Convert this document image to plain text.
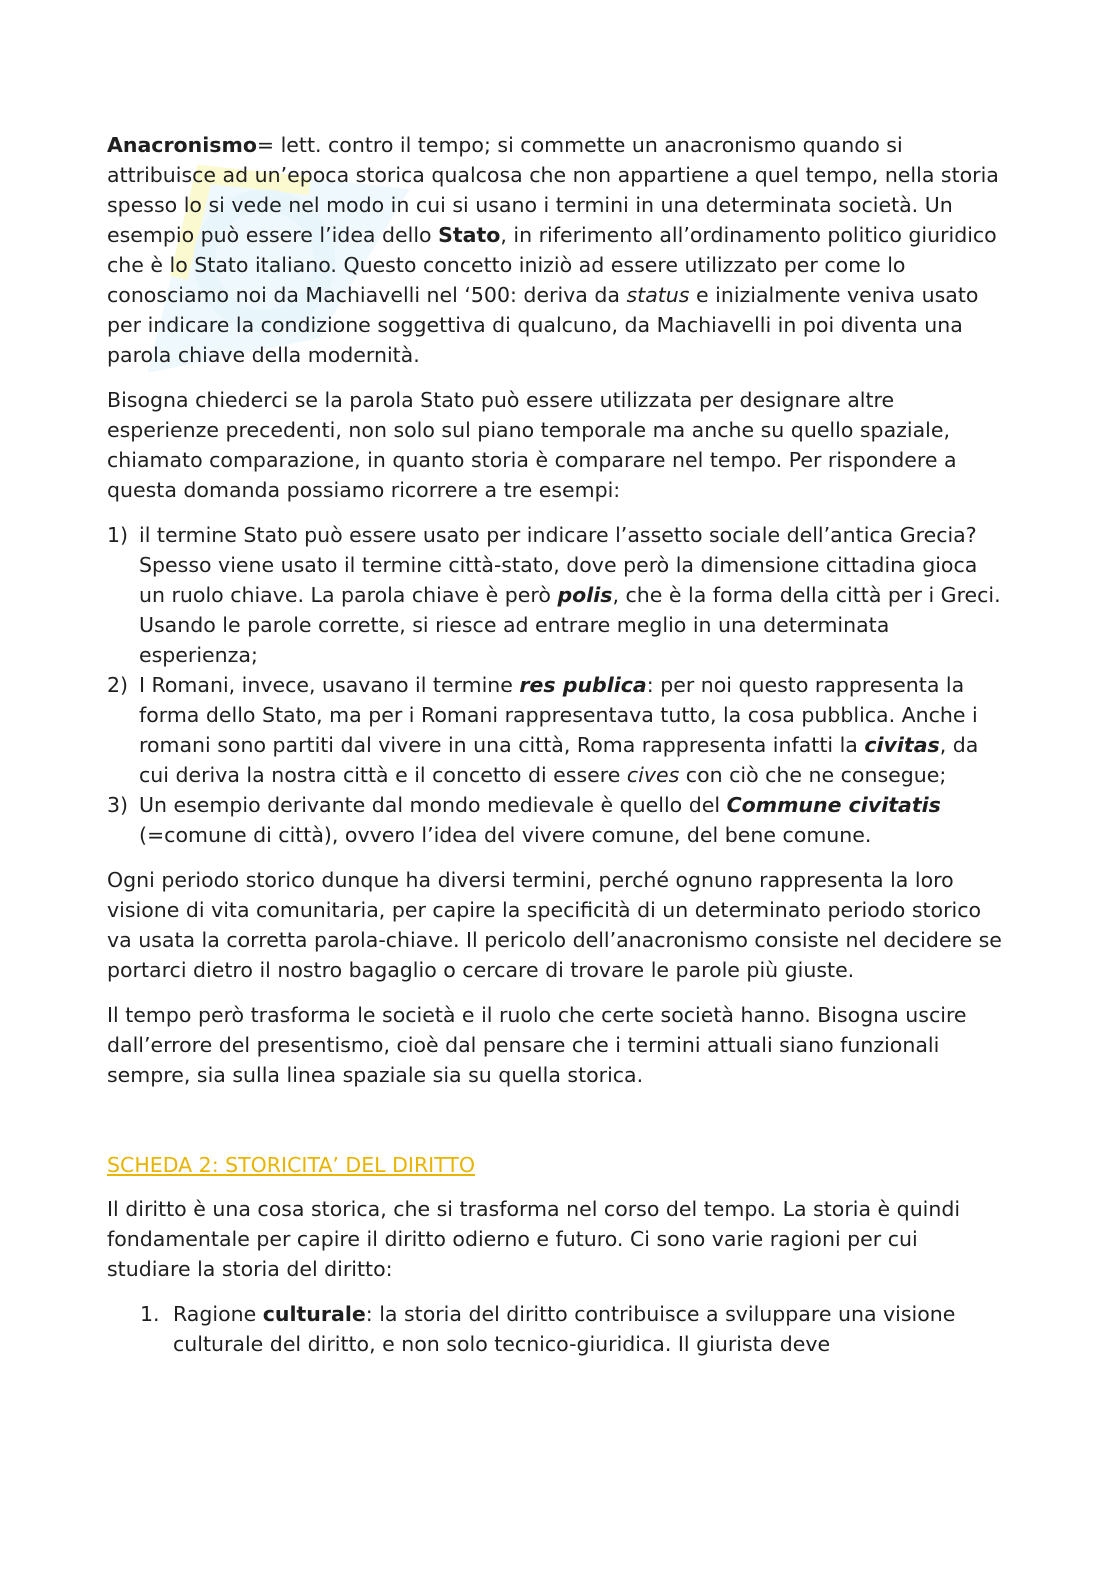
Anacronismo= lett. contro il tempo; si commette un anacronismo quando si attribuisce ad un’epoca storica qualcosa che non appartiene a quel tempo, nella storia spesso lo si vede nel modo in cui si usano i termini in una determinata società. Un esempio può essere l’idea dello Stato, in riferimento all’ordinamento politico giuridico che è lo Stato italiano. Questo concetto iniziò ad essere utilizzato per come lo conosciamo noi da Machiavelli nel ‘500: deriva da status e inizialmente veniva usato per indicare la condizione soggettiva di qualcuno, da Machiavelli in poi diventa una parola chiave della modernità.

Bisogna chiederci se la parola Stato può essere utilizzata per designare altre esperienze precedenti, non solo sul piano temporale ma anche su quello spaziale, chiamato comparazione, in quanto storia è comparare nel tempo. Per rispondere a questa domanda possiamo ricorrere a tre esempi:

1) il termine Stato può essere usato per indicare l’assetto sociale dell’antica Grecia? Spesso viene usato il termine città-stato, dove però la dimensione cittadina gioca un ruolo chiave. La parola chiave è però polis, che è la forma della città per i Greci. Usando le parole corrette, si riesce ad entrare meglio in una determinata esperienza;
2) I Romani, invece, usavano il termine res publica: per noi questo rappresenta la forma dello Stato, ma per i Romani rappresentava tutto, la cosa pubblica. Anche i romani sono partiti dal vivere in una città, Roma rappresenta infatti la civitas, da cui deriva la nostra città e il concetto di essere cives con ciò che ne consegue;
3) Un esempio derivante dal mondo medievale è quello del Commune civitatis (=comune di città), ovvero l’idea del vivere comune, del bene comune.

Ogni periodo storico dunque ha diversi termini, perché ognuno rappresenta la loro visione di vita comunitaria, per capire la specificità di un determinato periodo storico va usata la corretta parola-chiave. Il pericolo dell’anacronismo consiste nel decidere se portarci dietro il nostro bagaglio o cercare di trovare le parole più giuste.

Il tempo però trasforma le società e il ruolo che certe società hanno. Bisogna uscire dall’errore del presentismo, cioè dal pensare che i termini attuali siano funzionali sempre, sia sulla linea spaziale sia su quella storica.

SCHEDA 2: STORICITA’ DEL DIRITTO

Il diritto è una cosa storica, che si trasforma nel corso del tempo. La storia è quindi fondamentale per capire il diritto odierno e futuro. Ci sono varie ragioni per cui studiare la storia del diritto:

1. Ragione culturale: la storia del diritto contribuisce a sviluppare una visione culturale del diritto, e non solo tecnico-giuridica. Il giurista deve
